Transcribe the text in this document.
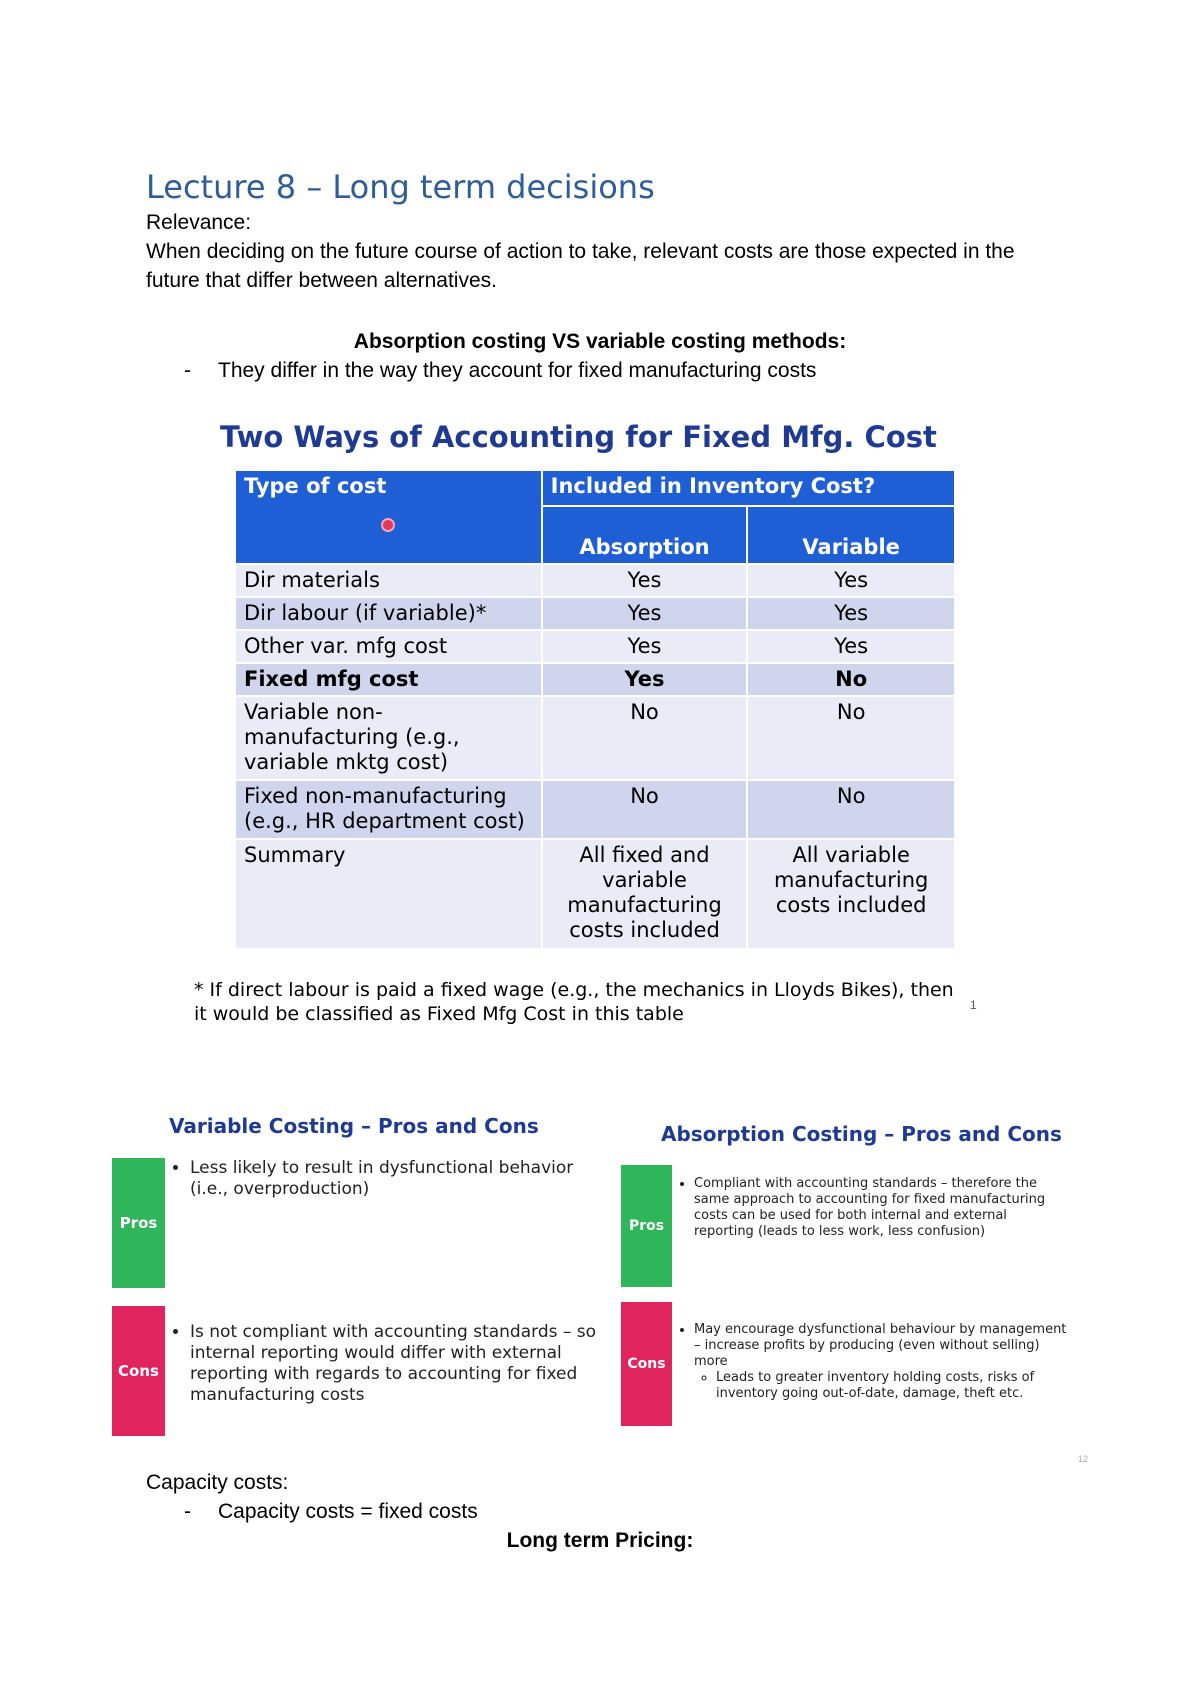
Lecture 8 – Long term decisions
Relevance:
When deciding on the future course of action to take, relevant costs are those expected in the future that differ between alternatives.
Absorption costing VS variable costing methods:
- They differ in the way they account for fixed manufacturing costs
Two Ways of Accounting for Fixed Mfg. Cost
Type of cost	Included in Inventory Cost?	
	Absorption	Variable
Dir materials	Yes	Yes
Dir labour (if variable)*	Yes	Yes
Other var. mfg cost	Yes	Yes
Fixed mfg cost	Yes	No
Variable non-manufacturing (e.g., variable mktg cost)	No	No
Fixed non-manufacturing (e.g., HR department cost)	No	No
Summary	All fixed and variable manufacturing costs included	All variable manufacturing costs included
* If direct labour is paid a fixed wage (e.g., the mechanics in Lloyds Bikes), then it would be classified as Fixed Mfg Cost in this table	1
Variable Costing – Pros and Cons
Pros
• Less likely to result in dysfunctional behavior (i.e., overproduction)
Cons
• Is not compliant with accounting standards – so internal reporting would differ with external reporting with regards to accounting for fixed manufacturing costs
Absorption Costing – Pros and Cons
Pros
• Compliant with accounting standards – therefore the same approach to accounting for fixed manufacturing costs can be used for both internal and external reporting (leads to less work, less confusion)
Cons
• May encourage dysfunctional behaviour by management – increase profits by producing (even without selling) more
◦ Leads to greater inventory holding costs, risks of inventory going out-of-date, damage, theft etc.
12
Capacity costs:
- Capacity costs = fixed costs
Long term Pricing:
